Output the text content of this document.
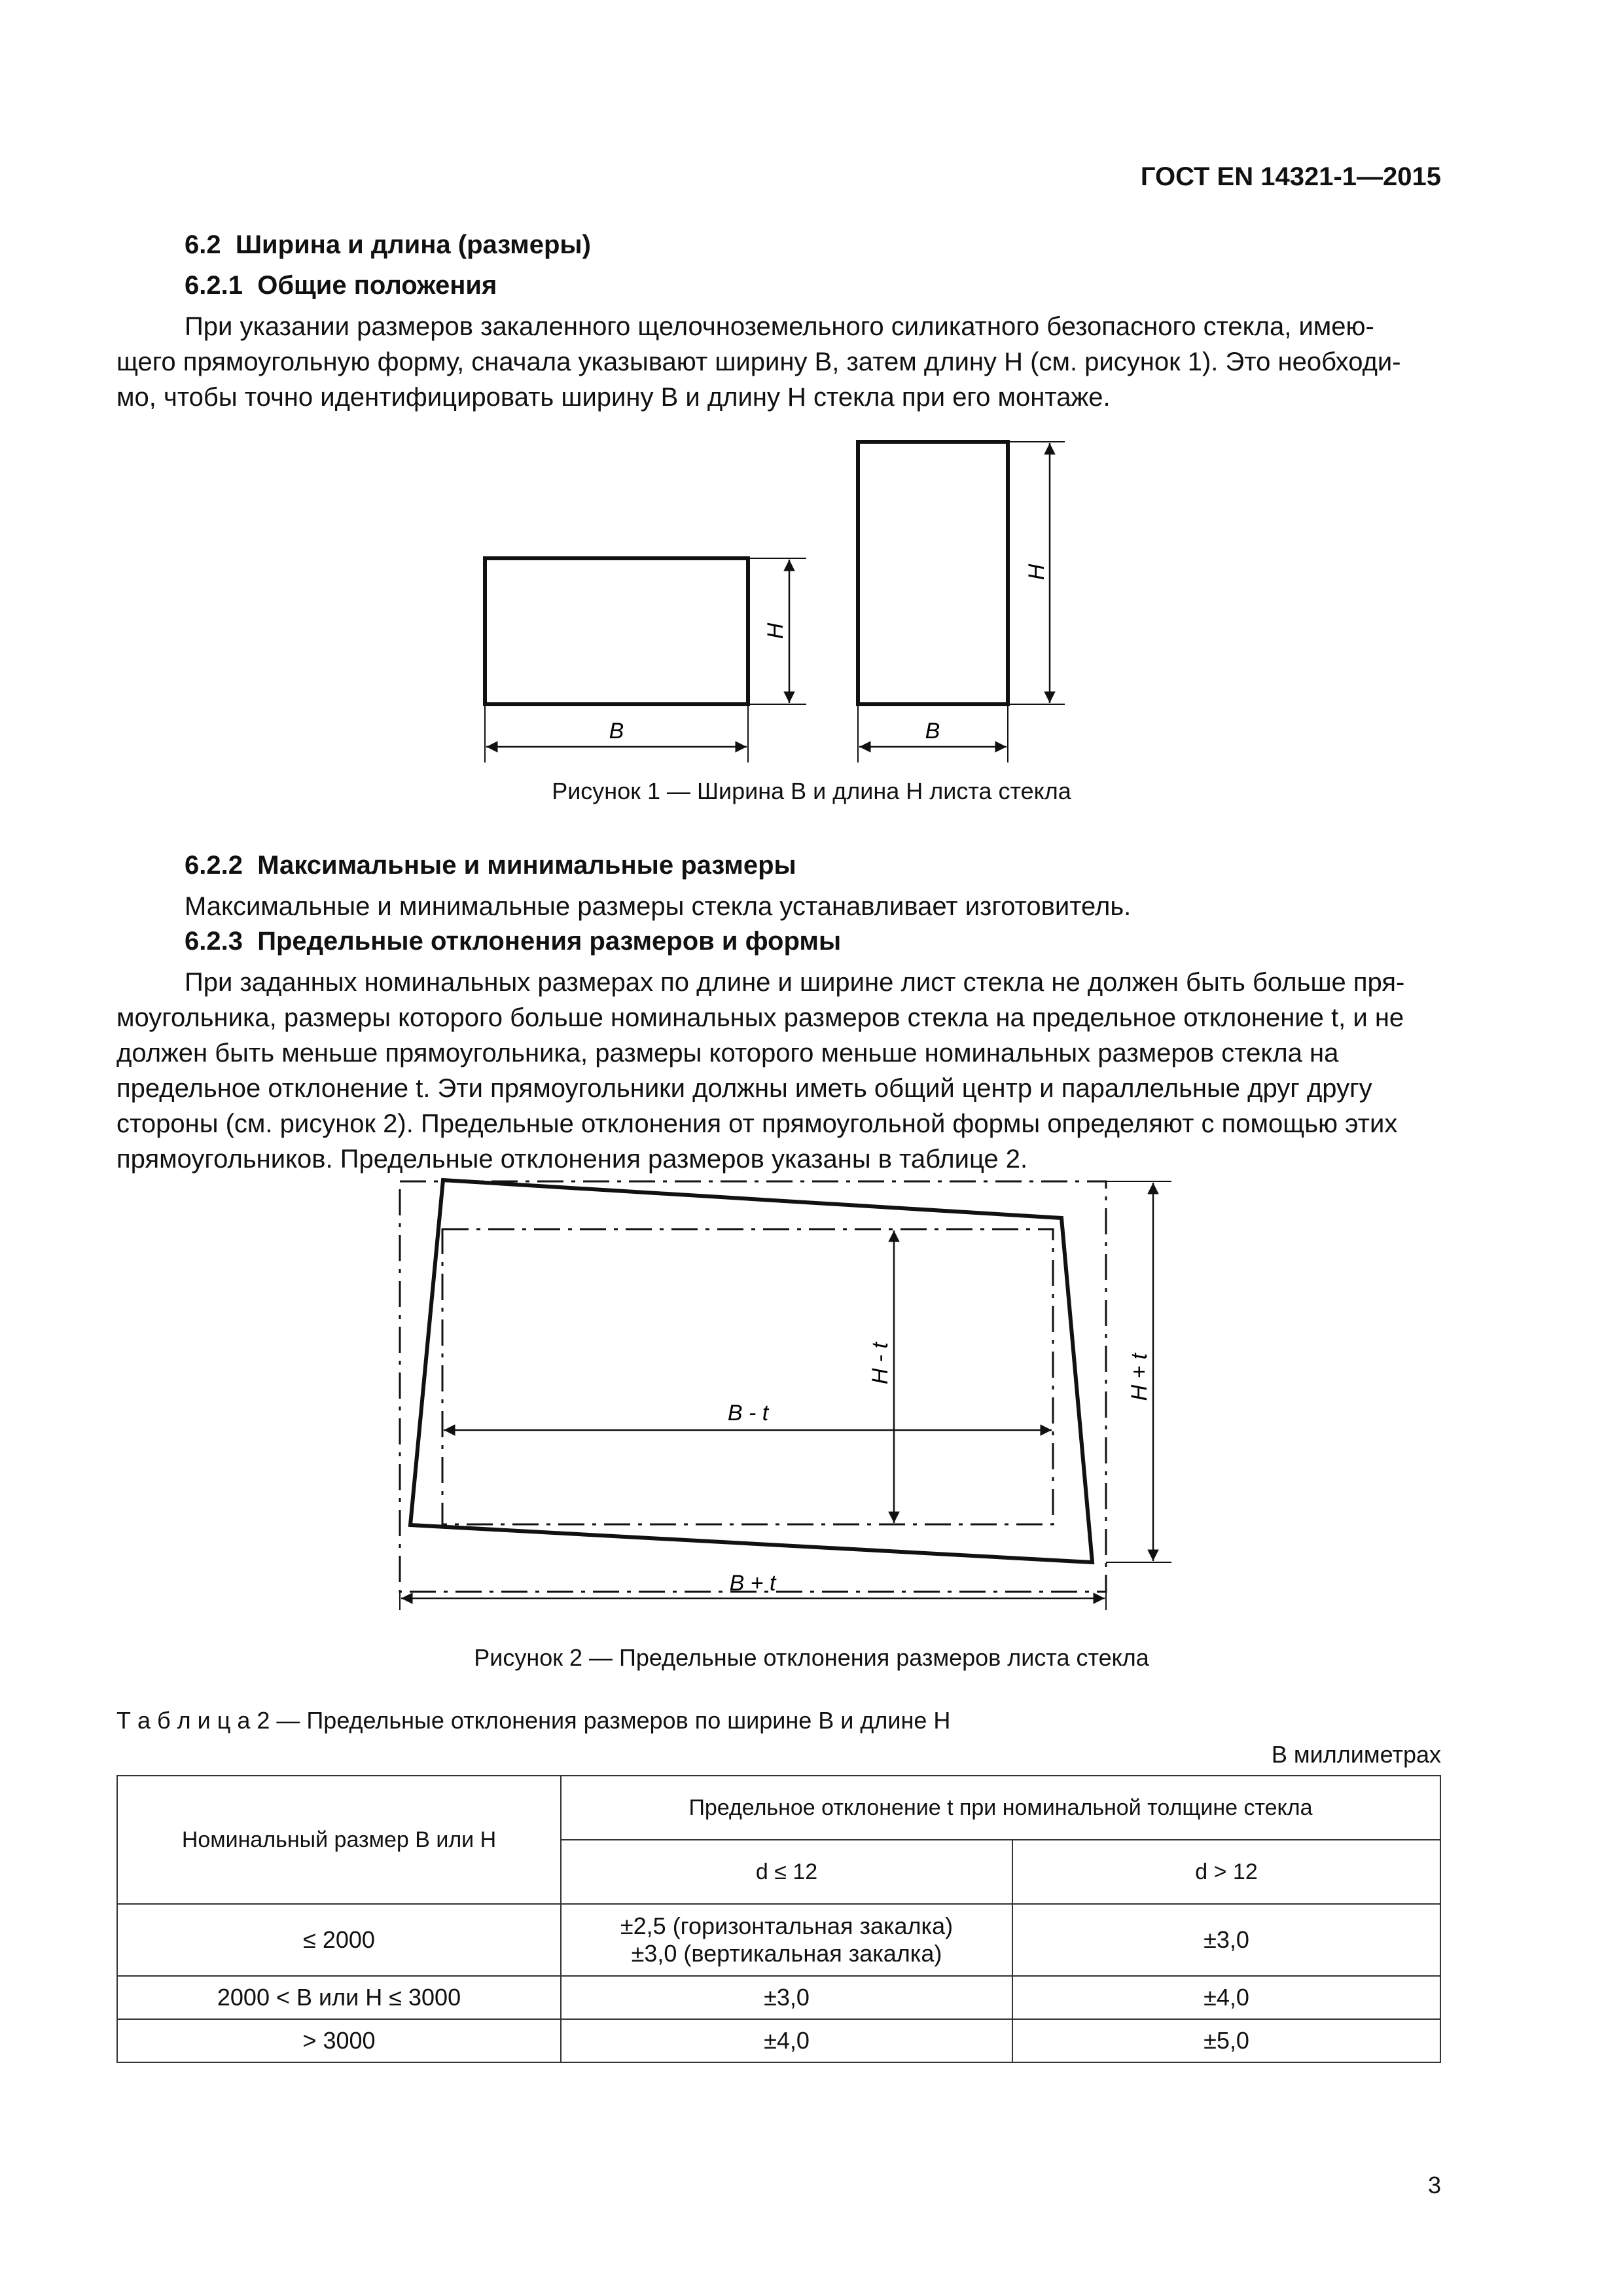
ГОСТ EN 14321-1—2015
6.2 Ширина и длина (размеры)
6.2.1 Общие положения
При указании размеров закаленного щелочноземельного силикатного безопасного стекла, имею-
щего прямоугольную форму, сначала указывают ширину B, затем длину H (см. рисунок 1). Это необходи-
мо, чтобы точно идентифицировать ширину B и длину H стекла при его монтаже.
B
H
B
H
Рисунок 1 — Ширина B и длина H листа стекла
6.2.2 Максимальные и минимальные размеры
Максимальные и минимальные размеры стекла устанавливает изготовитель.
6.2.3 Предельные отклонения размеров и формы
При заданных номинальных размерах по длине и ширине лист стекла не должен быть больше пря-
моугольника, размеры которого больше номинальных размеров стекла на предельное отклонение t, и не
должен быть меньше прямоугольника, размеры которого меньше номинальных размеров стекла на
предельное отклонение t. Эти прямоугольники должны иметь общий центр и параллельные друг другу
стороны (см. рисунок 2). Предельные отклонения от прямоугольной формы определяют с помощью этих
прямоугольников. Предельные отклонения размеров указаны в таблице 2.
B - t
H - t
B + t
H + t
Рисунок 2 — Предельные отклонения размеров листа стекла
Т а б л и ц а 2 — Предельные отклонения размеров по ширине B и длине H
В миллиметрах
Номинальный размер B или H	Предельное отклонение t при номинальной толщине стекла	
	d ≤ 12	d > 12
≤ 2000	±2,5 (горизонтальная закалка)
±3,0 (вертикальная закалка)	±3,0
2000 < B или H ≤ 3000	±3,0	±4,0
> 3000	±4,0	±5,0
3
